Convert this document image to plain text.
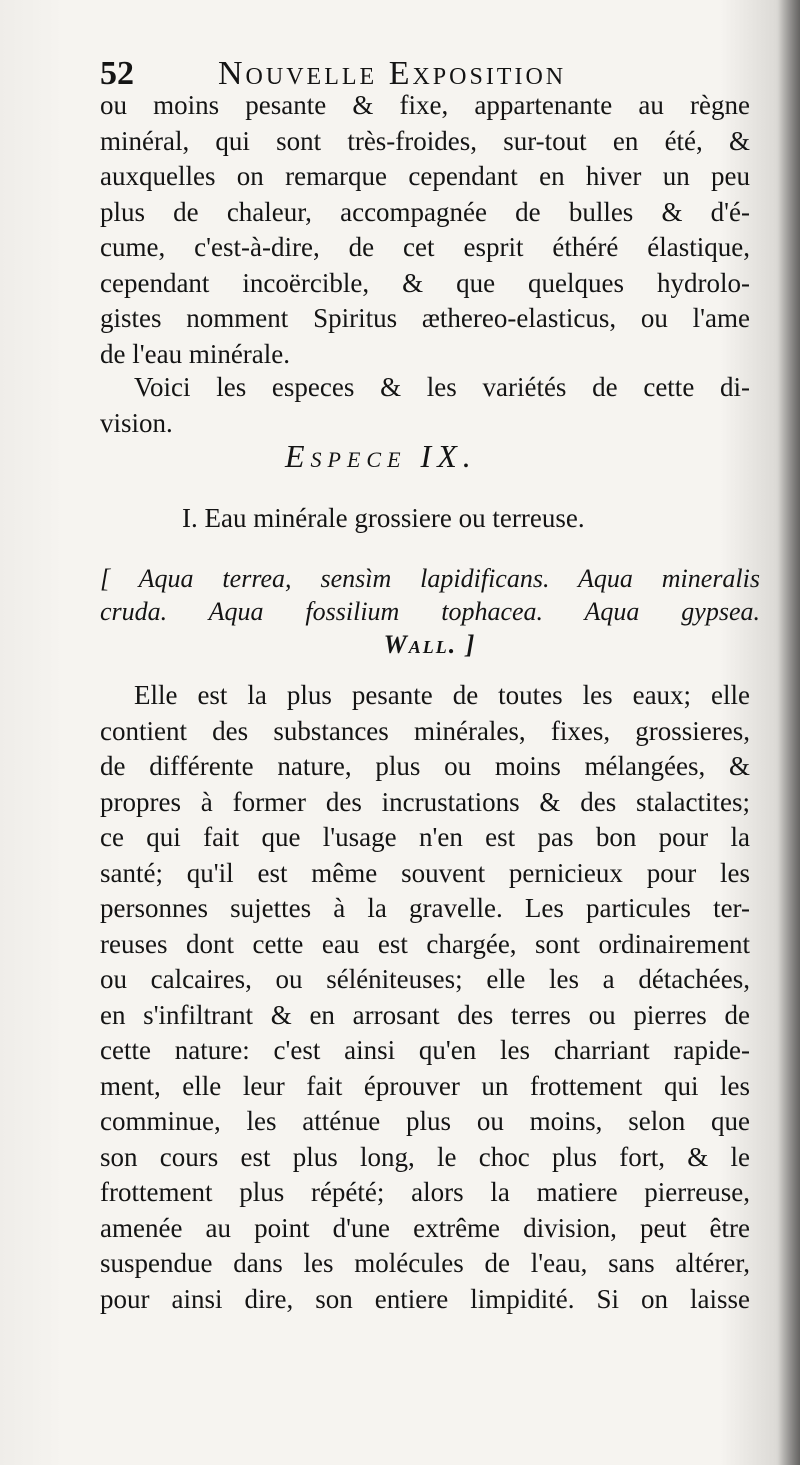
52 Nouvelle Exposition
ou moins pesante & fixe, appartenante au règne
minéral, qui sont très-froides, sur-tout en été, &
auxquelles on remarque cependant en hiver un peu
plus de chaleur, accompagnée de bulles & d'é-
cume, c'est-à-dire, de cet esprit éthéré élastique,
cependant incoërcible, & que quelques hydrolo-
gistes nomment Spiritus æthereo-elasticus, ou l'ame
de l'eau minérale.
Voici les especes & les variétés de cette di-
vision.
Espece IX.
I. Eau minérale grossiere ou terreuse.
[ Aqua terrea, sensìm lapidificans. Aqua mineralis
cruda. Aqua fossilium tophacea. Aqua gypsea.
Wall. ]
Elle est la plus pesante de toutes les eaux; elle
contient des substances minérales, fixes, grossieres,
de différente nature, plus ou moins mélangées, &
propres à former des incrustations & des stalactites;
ce qui fait que l'usage n'en est pas bon pour la
santé; qu'il est même souvent pernicieux pour les
personnes sujettes à la gravelle. Les particules ter-
reuses dont cette eau est chargée, sont ordinairement
ou calcaires, ou séléniteuses; elle les a détachées,
en s'infiltrant & en arrosant des terres ou pierres de
cette nature: c'est ainsi qu'en les charriant rapide-
ment, elle leur fait éprouver un frottement qui les
comminue, les atténue plus ou moins, selon que
son cours est plus long, le choc plus fort, & le
frottement plus répété; alors la matiere pierreuse,
amenée au point d'une extrême division, peut être
suspendue dans les molécules de l'eau, sans altérer,
pour ainsi dire, son entiere limpidité. Si on laisse
